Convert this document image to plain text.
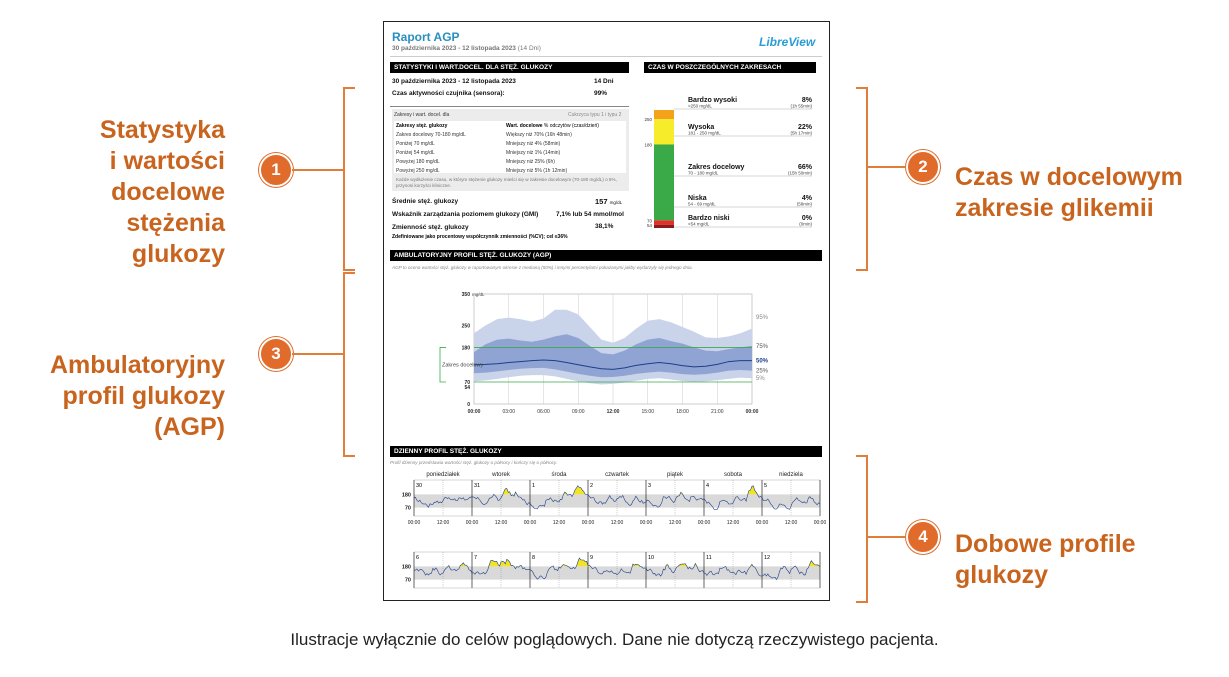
Statystyka
i wartości
docelowe
stężenia
glukozy
1	Czas w docelowym
zakresie glikemii
2
Ambulatoryjny
profil glukozy
(AGP)
3
Dobowe profile
glukozy
4
Ilustracje wyłącznie do celów poglądowych. Dane nie dotyczą rzeczywistego pacjenta.
Raport AGP
30 października 2023 - 12 listopada 2023 (14 Dni)	LibreView
STATYSTYKI I WART.DOCEL. DLA STĘŻ. GLUKOZY
30 października 2023 - 12 listopada 2023	14 Dni
Czas aktywności czujnika (sensora):	99%
Zakresy i wart. docel. dla	Cukrzyca typu 1 i typu 2
Zakresy stęż. glukozy	Wart. docelowe % odczytów (czas/dzień)
Zakres docelowy 70-180 mg/dL	Większy niż 70% (16h 48min)
Poniżej 70 mg/dL	Mniejszy niż 4% (58min)
Poniżej 54 mg/dL	Mniejszy niż 1% (14min)
Powyżej 180 mg/dL	Mniejszy niż 25% (6h)
Powyżej 250 mg/dL	Mniejszy niż 5% (1h 12min)
Każde wydłużenie czasu, w którym stężenie glukozy mieści się w zakresie docelowym (70-180 mg/dL) o 5%, przynosi korzyści kliniczne.
Średnie stęż. glukozy	157 mg/dL
Wskaźnik zarządzania poziomem glukozy (GMI)	7,1% lub 54 mmol/mol
Zmienność stęż. glukozy	38,1%
Zdefiniowane jako procentowy współczynnik zmienności (%CV); cel ≤36%
CZAS W POSZCZEGÓLNYCH ZAKRESACH
250
180
70
54
Bardzo wysoki
>250 mg/dL
8%
(1h 55min)
Wysoka
181 - 250 mg/dL
22%
(5h 17min)
Zakres docelowy
70 - 180 mg/dL
66%
(15h 50min)
Niska
54 - 69 mg/dL
4%
(58min)
Bardzo niski
<54 mg/dL
0%
(0min)
AMBULATORYJNY PROFIL STĘŻ. GLUKOZY (AGP)
AGP to ocena wartości stęż. glukozy w raportowanym okresie z medianą (50%) i innymi percentylami pokazanymi jakby wydarzyły się jednego dnia.
350
250
180
70
54
0
mg/dL
Zakres docelowy
00:00	03:00	06:00	09:00	12:00	15:00	18:00	21:00	00:00
95%
75%
50%
25%
5%
DZIENNY PROFIL STĘŻ. GLUKOZY
Profil dzienny przedstawia wartości stęż. glukozy o północy i kończy się o północy.
poniedziałek	wtorek	środa	czwartek	piątek	sobota	niedziela
30	31	1	2	3	4	5
180
70
00:00	12:00	00:00	12:00	00:00	12:00	00:00	12:00	00:00	12:00	00:00	12:00	00:00	12:00	00:00
6	7	8	9	10	11	12
180
70
